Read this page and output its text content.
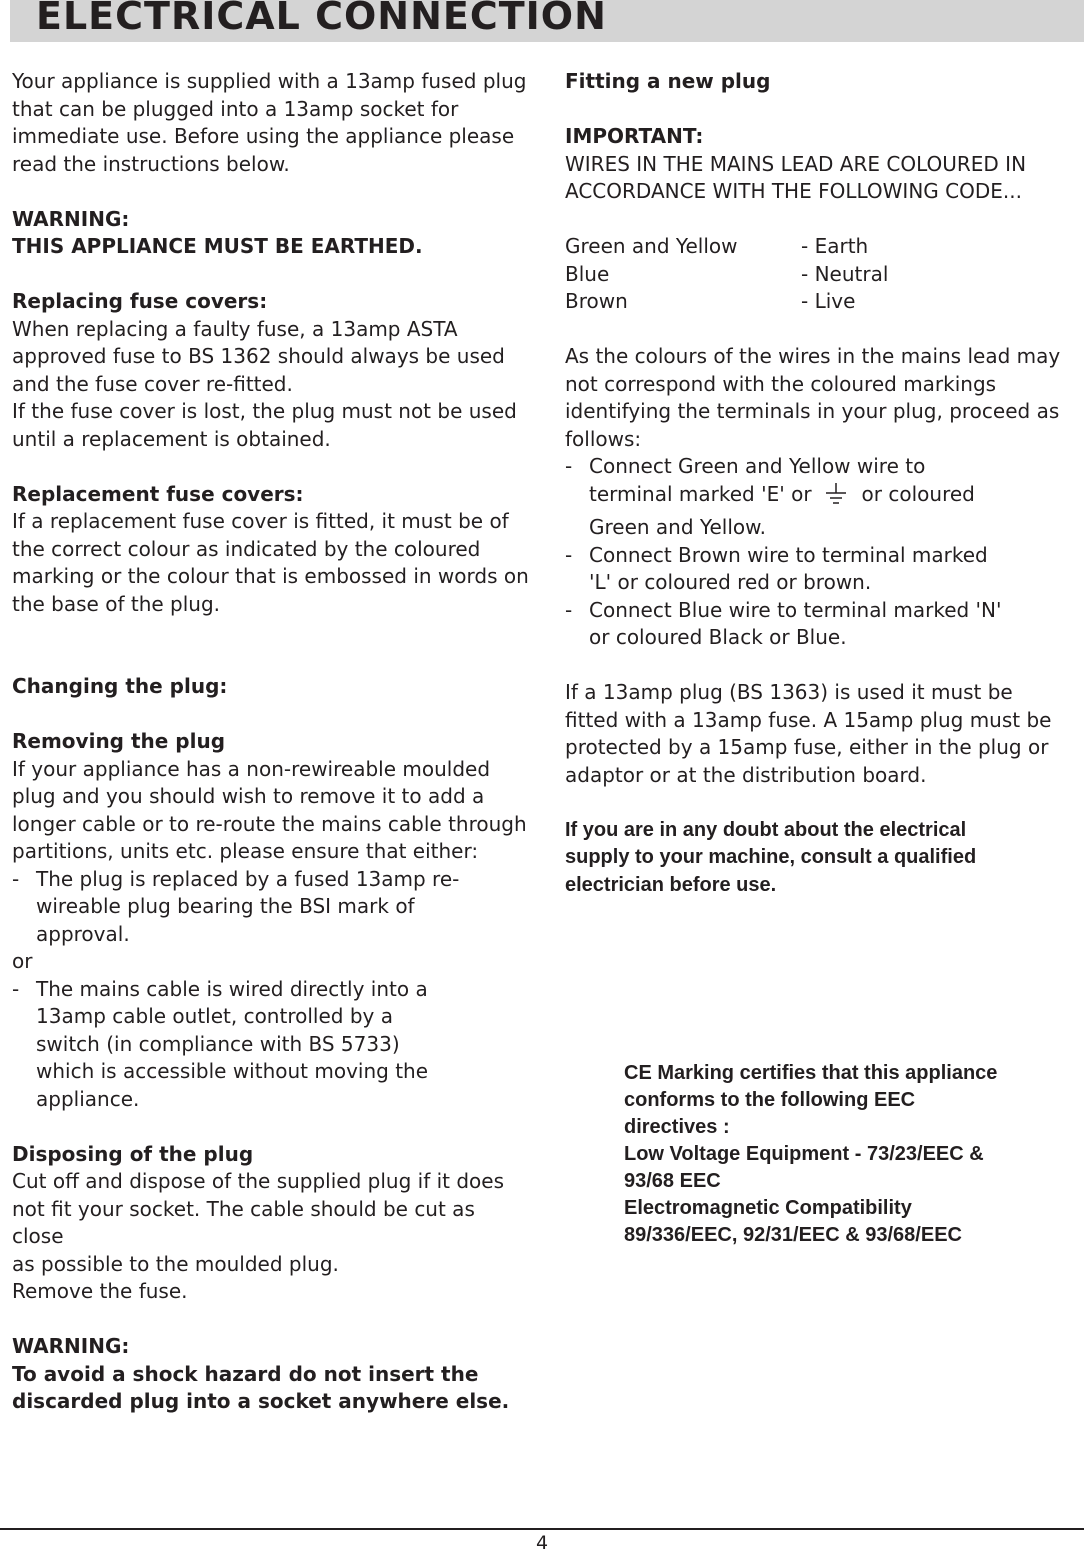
ELECTRICAL CONNECTION
Your appliance is supplied with a 13amp fused plug
that can be plugged into a 13amp socket for
immediate use. Before using the appliance please
read the instructions below.
WARNING:
THIS APPLIANCE MUST BE EARTHED.
Replacing fuse covers:
When replacing a faulty fuse, a 13amp ASTA
approved fuse to BS 1362 should always be used
and the fuse cover re-fitted.
If the fuse cover is lost, the plug must not be used
until a replacement is obtained.
Replacement fuse covers:
If a replacement fuse cover is fitted, it must be of
the correct colour as indicated by the coloured
marking or the colour that is embossed in words on
the base of the plug.
Changing the plug:
Removing the plug
If your appliance has a non-rewireable moulded
plug and you should wish to remove it to add a
longer cable or to re-route the mains cable through
partitions, units etc. please ensure that either:
- The plug is replaced by a fused 13amp re-
wireable plug bearing the BSI mark of
approval.
or
- The mains cable is wired directly into a
13amp cable outlet, controlled by a
switch (in compliance with BS 5733)
which is accessible without moving the
appliance.
Disposing of the plug
Cut off and dispose of the supplied plug if it does
not fit your socket. The cable should be cut as close
as possible to the moulded plug.
Remove the fuse.
WARNING:
To avoid a shock hazard do not insert the
discarded plug into a socket anywhere else.
Fitting a new plug
IMPORTANT:
WIRES IN THE MAINS LEAD ARE COLOURED IN
ACCORDANCE WITH THE FOLLOWING CODE...
Green and Yellow	- Earth
Blue	- Neutral
Brown	- Live
As the colours of the wires in the mains lead may
not correspond with the coloured markings
identifying the terminals in your plug, proceed as
follows:
- Connect Green and Yellow wire to
terminal marked 'E' or	or coloured
Green and Yellow.
- Connect Brown wire to terminal marked
'L' or coloured red or brown.
- Connect Blue wire to terminal marked 'N'
or coloured Black or Blue.
If a 13amp plug (BS 1363) is used it must be
fitted with a 13amp fuse. A 15amp plug must be
protected by a 15amp fuse, either in the plug or
adaptor or at the distribution board.
If you are in any doubt about the electrical
supply to your machine, consult a qualified
electrician before use.
CE Marking certifies that this appliance
conforms to the following EEC
directives :
Low Voltage Equipment - 73/23/EEC &
93/68 EEC
Electromagnetic Compatibility
89/336/EEC, 92/31/EEC & 93/68/EEC
4
